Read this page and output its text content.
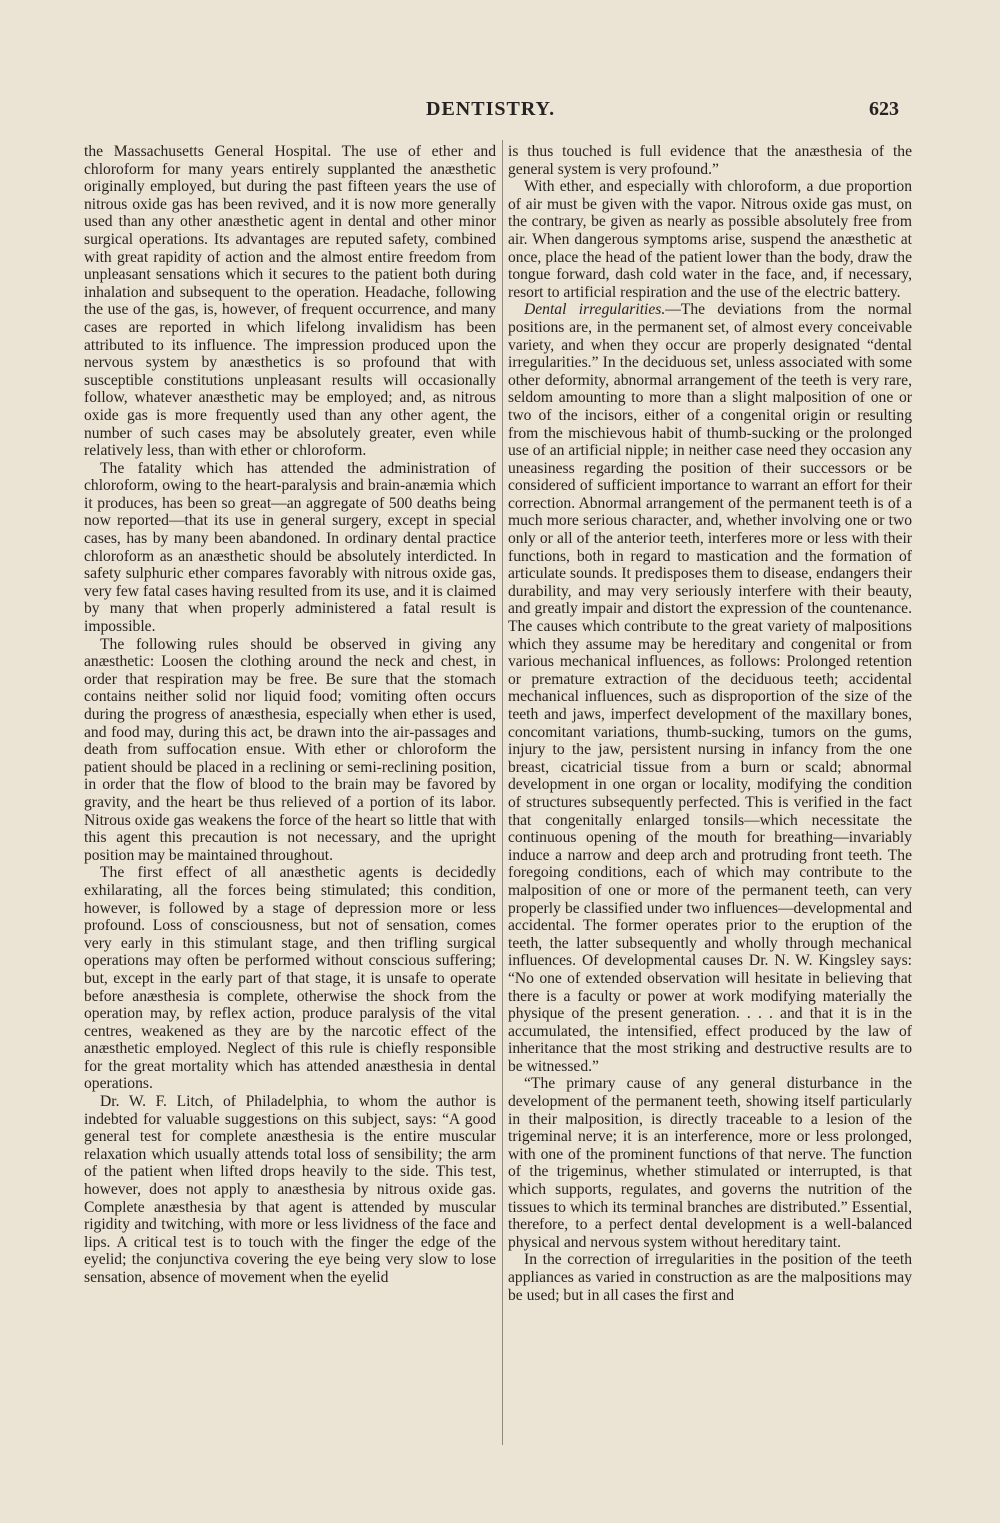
DENTISTRY.	623

the Massachusetts General Hospital. The use of ether and chloroform for many years entirely supplanted the anæsthetic originally employed, but during the past fifteen years the use of nitrous oxide gas has been revived, and it is now more generally used than any other anæsthetic agent in dental and other minor surgical operations. Its advantages are reputed safety, combined with great rapidity of action and the almost entire freedom from unpleasant sensations which it secures to the patient both during inhalation and subsequent to the operation. Headache, following the use of the gas, is, however, of frequent occurrence, and many cases are reported in which lifelong invalidism has been attributed to its influence. The impression produced upon the nervous system by anæsthetics is so profound that with susceptible constitutions unpleasant results will occasionally follow, whatever anæsthetic may be employed; and, as nitrous oxide gas is more frequently used than any other agent, the number of such cases may be absolutely greater, even while relatively less, than with ether or chloroform.

The fatality which has attended the administration of chloroform, owing to the heart-paralysis and brain-anæmia which it produces, has been so great—an aggregate of 500 deaths being now reported—that its use in general surgery, except in special cases, has by many been abandoned. In ordinary dental practice chloroform as an anæsthetic should be absolutely interdicted. In safety sulphuric ether compares favorably with nitrous oxide gas, very few fatal cases having resulted from its use, and it is claimed by many that when properly administered a fatal result is impossible.

The following rules should be observed in giving any anæsthetic: Loosen the clothing around the neck and chest, in order that respiration may be free. Be sure that the stomach contains neither solid nor liquid food; vomiting often occurs during the progress of anæsthesia, especially when ether is used, and food may, during this act, be drawn into the air-passages and death from suffocation ensue. With ether or chloroform the patient should be placed in a reclining or semi-reclining position, in order that the flow of blood to the brain may be favored by gravity, and the heart be thus relieved of a portion of its labor. Nitrous oxide gas weakens the force of the heart so little that with this agent this precaution is not necessary, and the upright position may be maintained throughout.

The first effect of all anæsthetic agents is decidedly exhilarating, all the forces being stimulated; this condition, however, is followed by a stage of depression more or less profound. Loss of consciousness, but not of sensation, comes very early in this stimulant stage, and then trifling surgical operations may often be performed without conscious suffering; but, except in the early part of that stage, it is unsafe to operate before anæsthesia is complete, otherwise the shock from the operation may, by reflex action, produce paralysis of the vital centres, weakened as they are by the narcotic effect of the anæsthetic employed. Neglect of this rule is chiefly responsible for the great mortality which has attended anæsthesia in dental operations.

Dr. W. F. Litch, of Philadelphia, to whom the author is indebted for valuable suggestions on this subject, says: “A good general test for complete anæsthesia is the entire muscular relaxation which usually attends total loss of sensibility; the arm of the patient when lifted drops heavily to the side. This test, however, does not apply to anæsthesia by nitrous oxide gas. Complete anæsthesia by that agent is attended by muscular rigidity and twitching, with more or less lividness of the face and lips. A critical test is to touch with the finger the edge of the eyelid; the conjunctiva covering the eye being very slow to lose sensation, absence of movement when the eyelid

is thus touched is full evidence that the anæsthesia of the general system is very profound.”

With ether, and especially with chloroform, a due proportion of air must be given with the vapor. Nitrous oxide gas must, on the contrary, be given as nearly as possible absolutely free from air. When dangerous symptoms arise, suspend the anæsthetic at once, place the head of the patient lower than the body, draw the tongue forward, dash cold water in the face, and, if necessary, resort to artificial respiration and the use of the electric battery.

Dental irregularities.—The deviations from the normal positions are, in the permanent set, of almost every conceivable variety, and when they occur are properly designated “dental irregularities.” In the deciduous set, unless associated with some other deformity, abnormal arrangement of the teeth is very rare, seldom amounting to more than a slight malposition of one or two of the incisors, either of a congenital origin or resulting from the mischievous habit of thumb-sucking or the prolonged use of an artificial nipple; in neither case need they occasion any uneasiness regarding the position of their successors or be considered of sufficient importance to warrant an effort for their correction. Abnormal arrangement of the permanent teeth is of a much more serious character, and, whether involving one or two only or all of the anterior teeth, interferes more or less with their functions, both in regard to mastication and the formation of articulate sounds. It predisposes them to disease, endangers their durability, and may very seriously interfere with their beauty, and greatly impair and distort the expression of the countenance. The causes which contribute to the great variety of malpositions which they assume may be hereditary and congenital or from various mechanical influences, as follows: Prolonged retention or premature extraction of the deciduous teeth; accidental mechanical influences, such as disproportion of the size of the teeth and jaws, imperfect development of the maxillary bones, concomitant variations, thumb-sucking, tumors on the gums, injury to the jaw, persistent nursing in infancy from the one breast, cicatricial tissue from a burn or scald; abnormal development in one organ or locality, modifying the condition of structures subsequently perfected. This is verified in the fact that congenitally enlarged tonsils—which necessitate the continuous opening of the mouth for breathing—invariably induce a narrow and deep arch and protruding front teeth. The foregoing conditions, each of which may contribute to the malposition of one or more of the permanent teeth, can very properly be classified under two influences—developmental and accidental. The former operates prior to the eruption of the teeth, the latter subsequently and wholly through mechanical influences. Of developmental causes Dr. N. W. Kingsley says: “No one of extended observation will hesitate in believing that there is a faculty or power at work modifying materially the physique of the present generation. . . . and that it is in the accumulated, the intensified, effect produced by the law of inheritance that the most striking and destructive results are to be witnessed.”

“The primary cause of any general disturbance in the development of the permanent teeth, showing itself particularly in their malposition, is directly traceable to a lesion of the trigeminal nerve; it is an interference, more or less prolonged, with one of the prominent functions of that nerve. The function of the trigeminus, whether stimulated or interrupted, is that which supports, regulates, and governs the nutrition of the tissues to which its terminal branches are distributed.” Essential, therefore, to a perfect dental development is a well-balanced physical and nervous system without hereditary taint.

In the correction of irregularities in the position of the teeth appliances as varied in construction as are the malpositions may be used; but in all cases the first and
